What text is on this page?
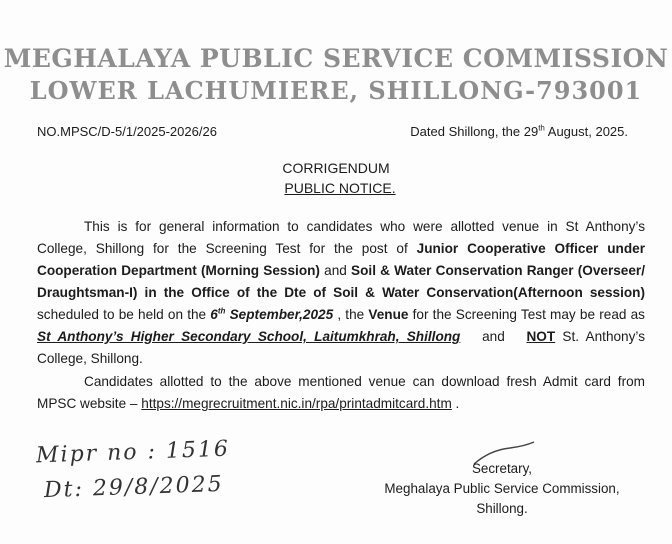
MEGHALAYA PUBLIC SERVICE COMMISSION
LOWER LACHUMIERE, SHILLONG-793001
NO.MPSC/D-5/1/2025-2026/26	Dated Shillong, the 29th August, 2025.
CORRIGENDUM
PUBLIC NOTICE.
This is for general information to candidates who were allotted venue in St Anthony’s College, Shillong for the Screening Test for the post of Junior Cooperative Officer under Cooperation Department (Morning Session) and Soil & Water Conservation Ranger (Overseer/ Draughtsman-I) in the Office of the Dte of Soil & Water Conservation(Afternoon session) scheduled to be held on the 6th September,2025 , the Venue for the Screening Test may be read as St Anthony’s Higher Secondary School, Laitumkhrah, Shillong   and   NOT St. Anthony’s College, Shillong.
Candidates allotted to the above mentioned venue can download fresh Admit card from MPSC website – https://megrecruitment.nic.in/rpa/printadmitcard.htm .
Secretary,
Meghalaya Public Service Commission,
Shillong.
Mipr no : 1516
Dt: 29/8/2025
